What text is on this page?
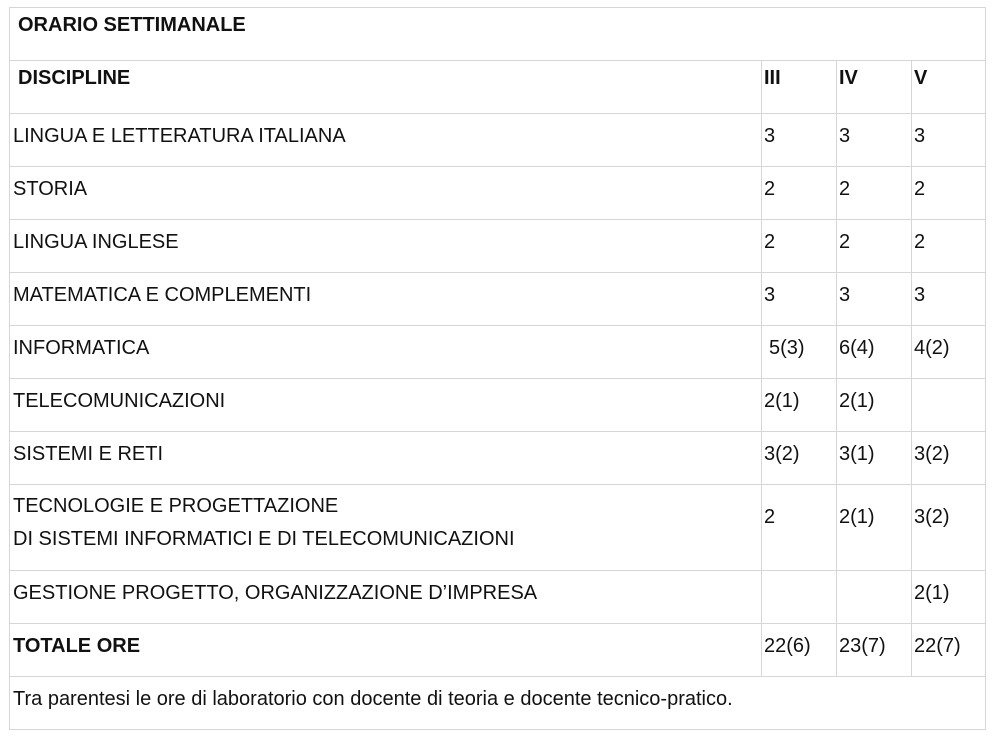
ORARIO SETTIMANALE			

DISCIPLINE	III	IV	V

LINGUA E LETTERATURA ITALIANA	3	3	3

STORIA	2	2	2

LINGUA INGLESE	2	2	2

MATEMATICA E COMPLEMENTI	3	3	3

INFORMATICA	5(3)	6(4)	4(2)

TELECOMUNICAZIONI	2(1)	2(1)	

SISTEMI E RETI	3(2)	3(1)	3(2)

TECNOLOGIE E PROGETTAZIONE
DI SISTEMI INFORMATICI E DI TELECOMUNICAZIONI	2	2(1)	3(2)

GESTIONE PROGETTO, ORGANIZZAZIONE D’IMPRESA			2(1)

TOTALE ORE	22(6)	23(7)	22(7)

Tra parentesi le ore di laboratorio con docente di teoria e docente tecnico-pratico.			
